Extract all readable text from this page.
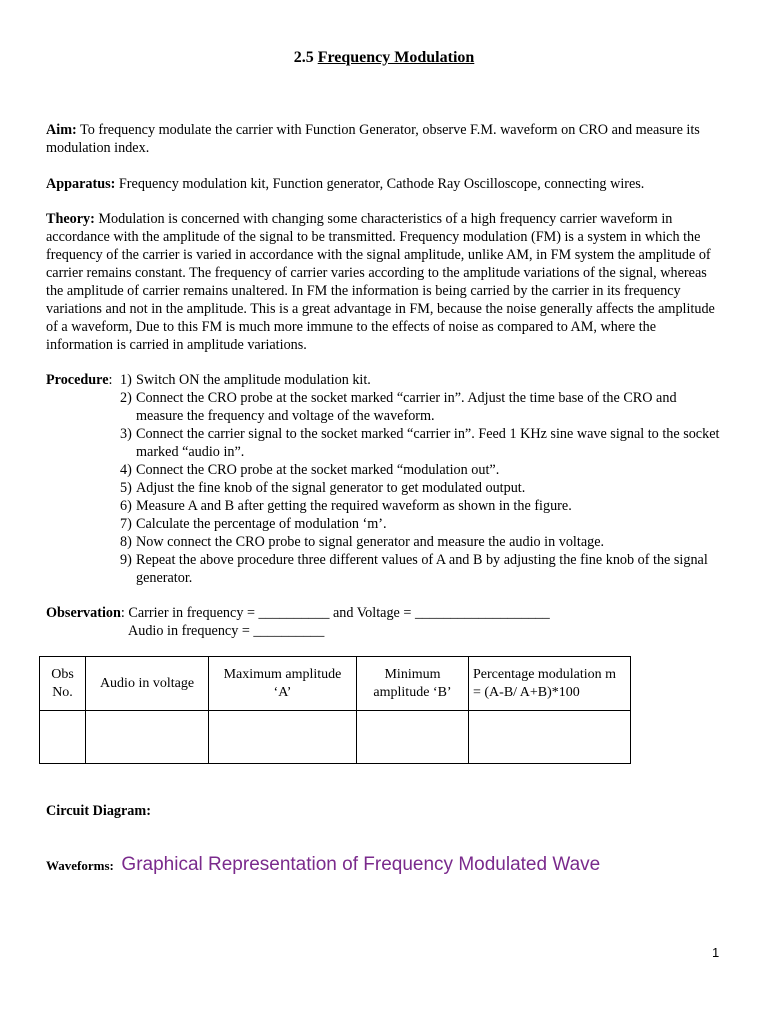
2.5 Frequency Modulation
Aim: To frequency modulate the carrier with Function Generator, observe F.M. waveform on CRO and measure its modulation index.
Apparatus: Frequency modulation kit, Function generator, Cathode Ray Oscilloscope, connecting wires.
Theory: Modulation is concerned with changing some characteristics of a high frequency carrier waveform in accordance with the amplitude of the signal to be transmitted. Frequency modulation (FM) is a system in which the frequency of the carrier is varied in accordance with the signal amplitude, unlike AM, in FM system the amplitude of carrier remains constant. The frequency of carrier varies according to the amplitude variations of the signal, whereas the amplitude of carrier remains unaltered. In FM the information is being carried by the carrier in its frequency variations and not in the amplitude. This is a great advantage in FM, because the noise generally affects the amplitude of a waveform, Due to this FM is much more immune to the effects of noise as compared to AM, where the information is carried in amplitude variations.
Procedure: 1) Switch ON the amplitude modulation kit.
2) Connect the CRO probe at the socket marked “carrier in”. Adjust the time base of the CRO and measure the frequency and voltage of the waveform.
3) Connect the carrier signal to the socket marked “carrier in”. Feed 1 KHz sine wave signal to the socket marked “audio in”.
4) Connect the CRO probe at the socket marked “modulation out”.
5) Adjust the fine knob of the signal generator to get modulated output.
6) Measure A and B after getting the required waveform as shown in the figure.
7) Calculate the percentage of modulation ‘m’.
8) Now connect the CRO probe to signal generator and measure the audio in voltage.
9) Repeat the above procedure three different values of A and B by adjusting the fine knob of the signal generator.
Observation: Carrier in frequency = __________ and Voltage = ___________________
Audio in frequency = __________
Obs No.	Audio in voltage	Maximum amplitude ‘A’	Minimum amplitude ‘B’	Percentage modulation m = (A-B/ A+B)*100

Circuit Diagram:
Waveforms: Graphical Representation of Frequency Modulated Wave
1
